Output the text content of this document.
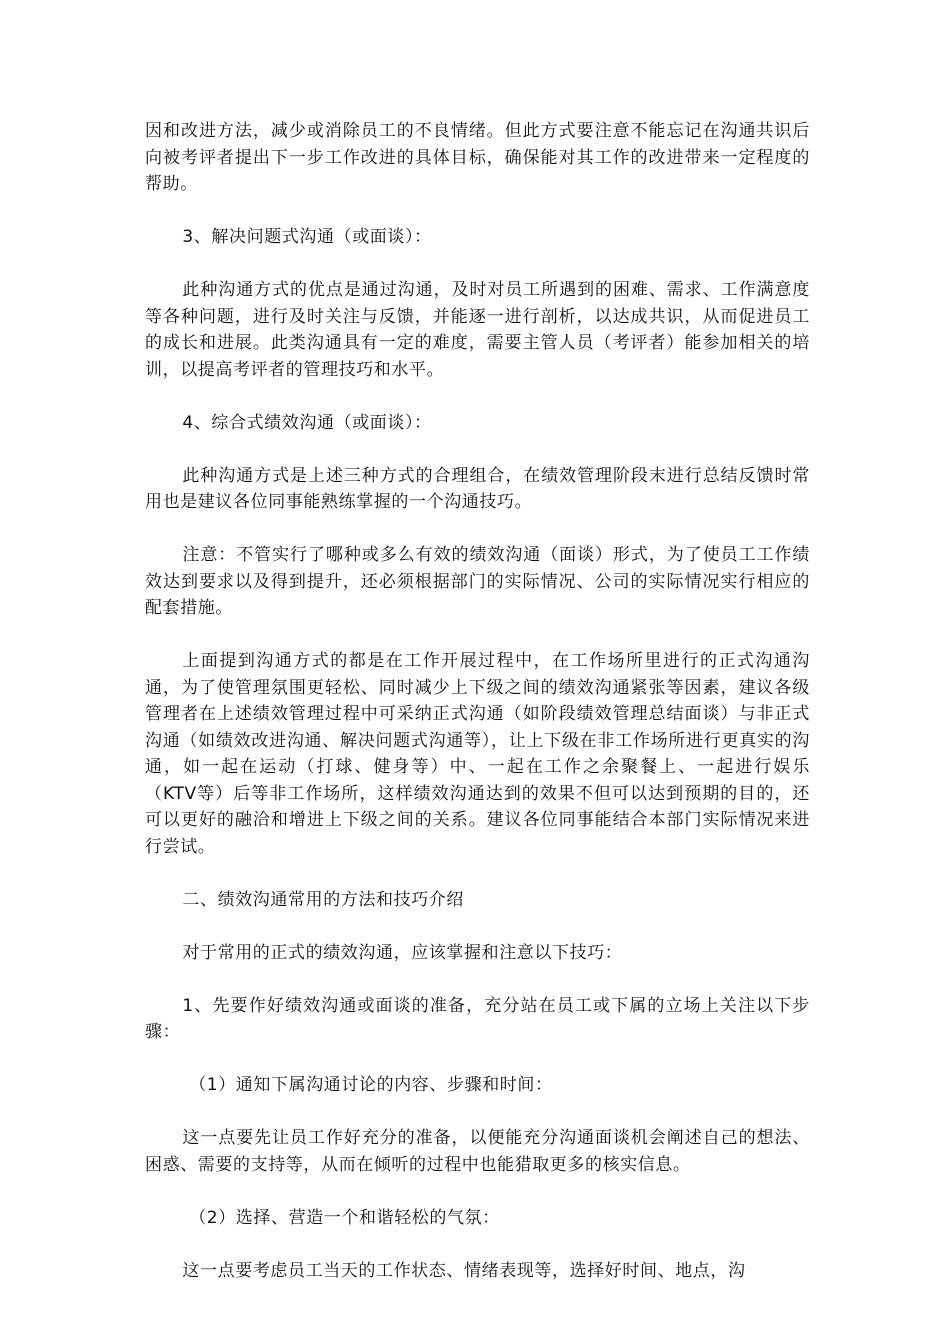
因和改进方法，减少或消除员工的不良情绪。但此方式要注意不能忘记在沟通共识后向被考评者提出下一步工作改进的具体目标，确保能对其工作的改进带来一定程度的帮助。

3、解决问题式沟通（或面谈）：

此种沟通方式的优点是通过沟通，及时对员工所遇到的困难、需求、工作满意度等各种问题，进行及时关注与反馈，并能逐一进行剖析，以达成共识，从而促进员工的成长和进展。此类沟通具有一定的难度，需要主管人员（考评者）能参加相关的培训，以提高考评者的管理技巧和水平。

4、综合式绩效沟通（或面谈）：

此种沟通方式是上述三种方式的合理组合，在绩效管理阶段末进行总结反馈时常用也是建议各位同事能熟练掌握的一个沟通技巧。

注意：不管实行了哪种或多么有效的绩效沟通（面谈）形式，为了使员工工作绩效达到要求以及得到提升，还必须根据部门的实际情况、公司的实际情况实行相应的配套措施。

上面提到沟通方式的都是在工作开展过程中，在工作场所里进行的正式沟通沟通，为了使管理氛围更轻松、同时减少上下级之间的绩效沟通紧张等因素，建议各级管理者在上述绩效管理过程中可采纳正式沟通（如阶段绩效管理总结面谈）与非正式沟通（如绩效改进沟通、解决问题式沟通等），让上下级在非工作场所进行更真实的沟通，如一起在运动（打球、健身等）中、一起在工作之余聚餐上、一起进行娱乐（KTV等）后等非工作场所，这样绩效沟通达到的效果不但可以达到预期的目的，还可以更好的融洽和增进上下级之间的关系。建议各位同事能结合本部门实际情况来进行尝试。

二、绩效沟通常用的方法和技巧介绍

对于常用的正式的绩效沟通，应该掌握和注意以下技巧：

1、先要作好绩效沟通或面谈的准备，充分站在员工或下属的立场上关注以下步骤：

（1）通知下属沟通讨论的内容、步骤和时间：

这一点要先让员工作好充分的准备，以便能充分沟通面谈机会阐述自己的想法、困惑、需要的支持等，从而在倾听的过程中也能猎取更多的核实信息。

（2）选择、营造一个和谐轻松的气氛：

这一点要考虑员工当天的工作状态、情绪表现等，选择好时间、地点，沟
